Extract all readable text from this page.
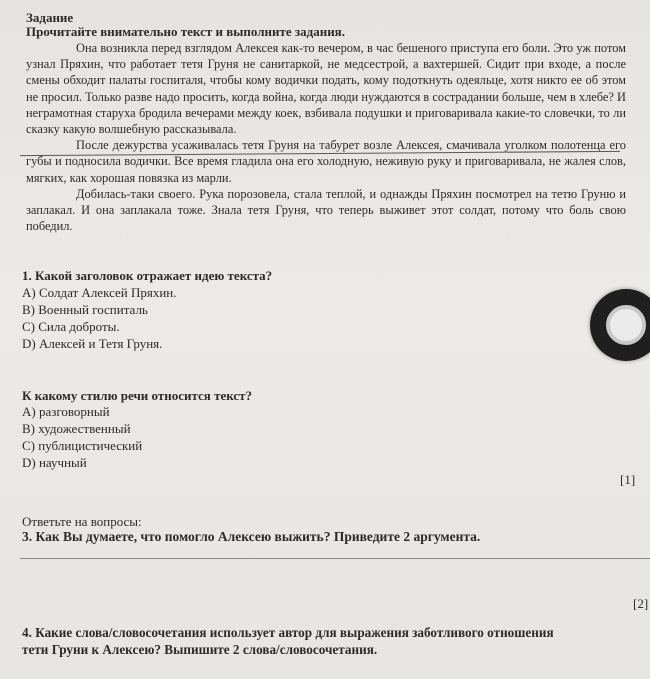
Задание
Прочитайте внимательно текст и выполните задания.

Она возникла перед взглядом Алексея как-то вечером, в час бешеного приступа его боли. Это уж потом узнал Пряхин, что работает тетя Груня не санитаркой, не медсестрой, а вахтершей. Сидит при входе, а после смены обходит палаты госпиталя, чтобы кому водички подать, кому подоткнуть одеяльце, хотя никто ее об этом не просил. Только разве надо просить, когда война, когда люди нуждаются в сострадании больше, чем в хлебе? И неграмотная старуха бродила вечерами между коек, взбивала подушки и приговаривала какие-то словечки, то ли сказку какую волшебную рассказывала.

После дежурства усаживалась тетя Груня на табурет возле Алексея, смачивала уголком полотенца его губы и подносила водички. Все время гладила она его холодную, неживую руку и приговаривала, не жалея слов, мягких, как хорошая повязка из марли.

Добилась-таки своего. Рука порозовела, стала теплой, и однажды Пряхин посмотрел на тетю Груню и заплакал. И она заплакала тоже. Знала тетя Груня, что теперь выживет этот солдат, потому что боль свою победил.

1. Какой заголовок отражает идею текста?
A) Солдат Алексей Пряхин.
B) Военный госпиталь
C) Сила доброты.
D) Алексей и Тетя Груня.
К какому стилю речи относится текст?
A) разговорный
B) художественный
C) публицистический
D) научный
[1]
Ответьте на вопросы:
3. Как Вы думаете, что помогло Алексею выжить? Приведите 2 аргумента.
[2]
4. Какие слова/словосочетания использует автор для выражения заботливого отношения тети Груни к Алексею? Выпишите 2 слова/словосочетания.
